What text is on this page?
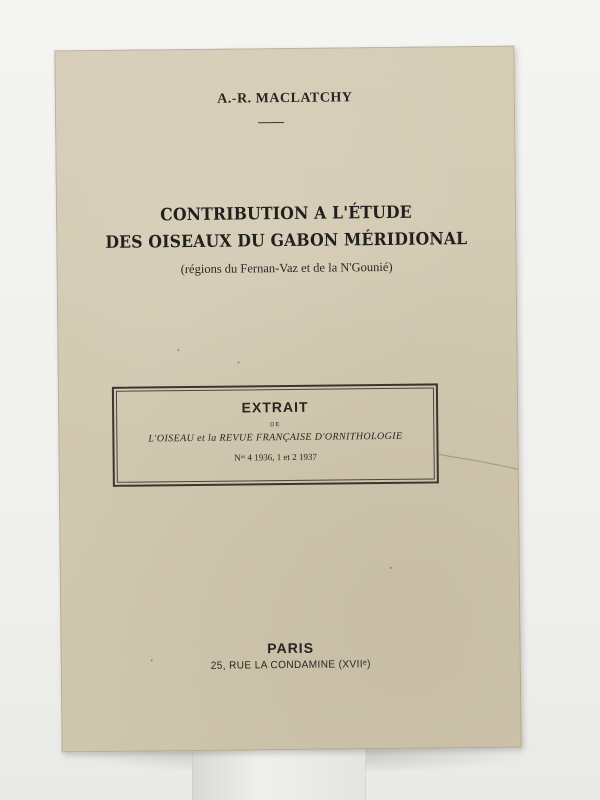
A.-R. MACLATCHY
CONTRIBUTION A L'ÉTUDE
DES OISEAUX DU GABON MÉRIDIONAL
(régions du Fernan-Vaz et de la N'Gounié)
EXTRAIT
DE
L'OISEAU et la REVUE FRANÇAISE D'ORNITHOLOGIE
Nᵒˢ 4 1936, 1 et 2 1937
PARIS
25, RUE LA CONDAMINE (XVIIᵉ)
